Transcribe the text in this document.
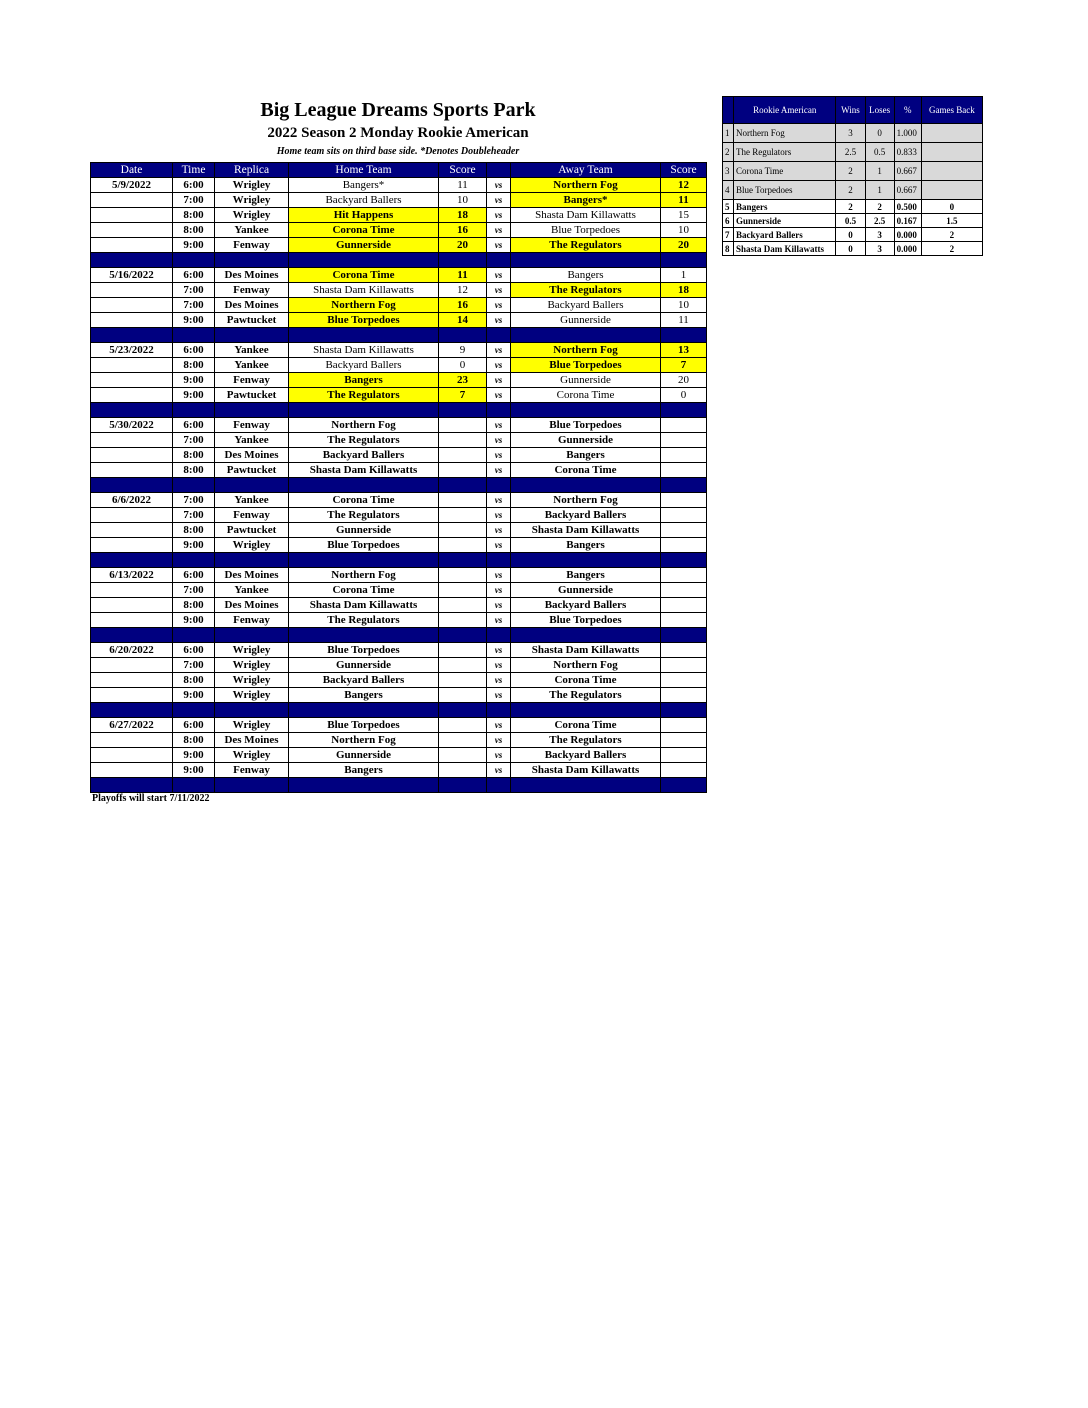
Big League Dreams Sports Park
2022 Season 2 Monday Rookie American
Home team sits on third base side. *Denotes Doubleheader
Date	Time	Replica	Home Team	Score		Away Team	Score
5/9/2022	6:00	Wrigley	Bangers*	11	vs	Northern Fog	12
	7:00	Wrigley	Backyard Ballers	10	vs	Bangers*	11
	8:00	Wrigley	Hit Happens	18	vs	Shasta Dam Killawatts	15
	8:00	Yankee	Corona Time	16	vs	Blue Torpedoes	10
	9:00	Fenway	Gunnerside	20	vs	The Regulators	20

5/16/2022	6:00	Des Moines	Corona Time	11	vs	Bangers	1
	7:00	Fenway	Shasta Dam Killawatts	12	vs	The Regulators	18
	7:00	Des Moines	Northern Fog	16	vs	Backyard Ballers	10
	9:00	Pawtucket	Blue Torpedoes	14	vs	Gunnerside	11

5/23/2022	6:00	Yankee	Shasta Dam Killawatts	9	vs	Northern Fog	13
	8:00	Yankee	Backyard Ballers	0	vs	Blue Torpedoes	7
	9:00	Fenway	Bangers	23	vs	Gunnerside	20
	9:00	Pawtucket	The Regulators	7	vs	Corona Time	0

5/30/2022	6:00	Fenway	Northern Fog		vs	Blue Torpedoes	
	7:00	Yankee	The Regulators		vs	Gunnerside	
	8:00	Des Moines	Backyard Ballers		vs	Bangers	
	8:00	Pawtucket	Shasta Dam Killawatts		vs	Corona Time	

6/6/2022	7:00	Yankee	Corona Time		vs	Northern Fog	
	7:00	Fenway	The Regulators		vs	Backyard Ballers	
	8:00	Pawtucket	Gunnerside		vs	Shasta Dam Killawatts	
	9:00	Wrigley	Blue Torpedoes		vs	Bangers	

6/13/2022	6:00	Des Moines	Northern Fog		vs	Bangers	
	7:00	Yankee	Corona Time		vs	Gunnerside	
	8:00	Des Moines	Shasta Dam Killawatts		vs	Backyard Ballers	
	9:00	Fenway	The Regulators		vs	Blue Torpedoes	

6/20/2022	6:00	Wrigley	Blue Torpedoes		vs	Shasta Dam Killawatts	
	7:00	Wrigley	Gunnerside		vs	Northern Fog	
	8:00	Wrigley	Backyard Ballers		vs	Corona Time	
	9:00	Wrigley	Bangers		vs	The Regulators	

6/27/2022	6:00	Wrigley	Blue Torpedoes		vs	Corona Time	
	8:00	Des Moines	Northern Fog		vs	The Regulators	
	9:00	Wrigley	Gunnerside		vs	Backyard Ballers	
	9:00	Fenway	Bangers		vs	Shasta Dam Killawatts	

Playoffs will start 7/11/2022
	Rookie American	Wins	Loses	%	Games Back
1	Northern Fog	3	0	1.000	
2	The Regulators	2.5	0.5	0.833	
3	Corona Time	2	1	0.667	
4	Blue Torpedoes	2	1	0.667	
5	Bangers	2	2	0.500	0
6	Gunnerside	0.5	2.5	0.167	1.5
7	Backyard Ballers	0	3	0.000	2
8	Shasta Dam Killawatts	0	3	0.000	2
